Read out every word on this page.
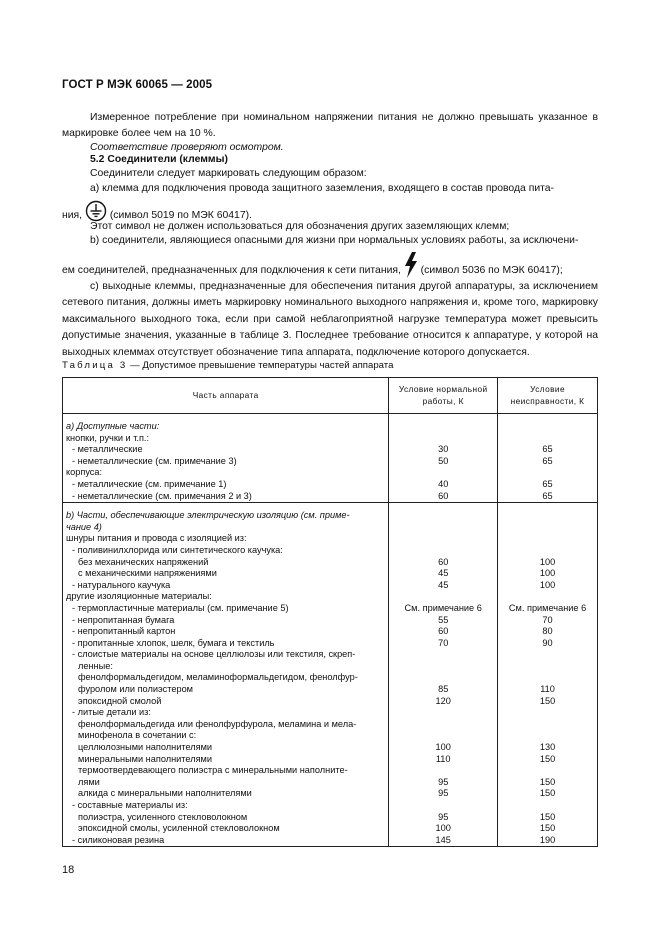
ГОСТ Р МЭК 60065 — 2005
Измеренное потребление при номинальном напряжении питания не должно превышать указанное в маркировке более чем на 10 %.
Соответствие проверяют осмотром.
5.2 Соединители (клеммы)
Соединители следует маркировать следующим образом:
а) клемма для подключения провода защитного заземления, входящего в состав провода пита-
ния,	(символ 5019 по МЭК 60417).
Этот символ не должен использоваться для обозначения других заземляющих клемм;
b) соединители, являющиеся опасными для жизни при нормальных условиях работы, за исключени-
ем соединителей, предназначенных для подключения к сети питания, (символ 5036 по МЭК 60417);
с) выходные клеммы, предназначенные для обеспечения питания другой аппаратуры, за исключением сетевого питания, должны иметь маркировку номинального выходного напряжения и, кроме того, маркировку максимального выходного тока, если при самой неблагоприятной нагрузке температура может превысить допустимые значения, указанные в таблице 3. Последнее требование относится к аппаратуре, у которой на выходных клеммах отсутствует обозначение типа аппарата, подключение которого допускается.
Таблица 3 — Допустимое превышение температуры частей аппарата
Часть аппарата	Условие нормальной работы, К	Условие неисправности, К
а) Доступные части:		
кнопки, ручки и т.п.:		
- металлические	30	65
- неметаллические (см. примечание 3)	50	65
корпуса:		
- металлические (см. примечание 1)	40	65
- неметаллические (см. примечания 2 и 3)	60	65
b) Части, обеспечивающие электрическую изоляцию (см. приме-		
чание 4)		
шнуры питания и провода с изоляцией из:		
- поливинилхлорида или синтетического каучука:		
без механических напряжений	60	100
с механическими напряжениями	45	100
- натурального каучука	45	100
другие изоляционные материалы:		
- термопластичные материалы (см. примечание 5)	См. примечание 6	См. примечание 6
- непропитанная бумага	55	70
- непропитанный картон	60	80
- пропитанные хлопок, шелк, бумага и текстиль	70	90
- слоистые материалы на основе целлюлозы или текстиля, скреп-		
ленные:		
фенолформальдегидом, меламиноформальдегидом, фенолфур-		
фуролом или полиэстером	85	110
эпоксидной смолой	120	150
- литые детали из:		
фенолформальдегида или фенолфурфурола, меламина и мела-		
минофенола в сочетании с:		
целлюлозными наполнителями	100	130
минеральными наполнителями	110	150
термоотвердевающего полиэстра с минеральными наполните-		
лями	95	150
алкида с минеральными наполнителями	95	150
- составные материалы из:		
полиэстра, усиленного стекловолокном	95	150
эпоксидной смолы, усиленной стекловолокном	100	150
- силиконовая резина	145	190
18
